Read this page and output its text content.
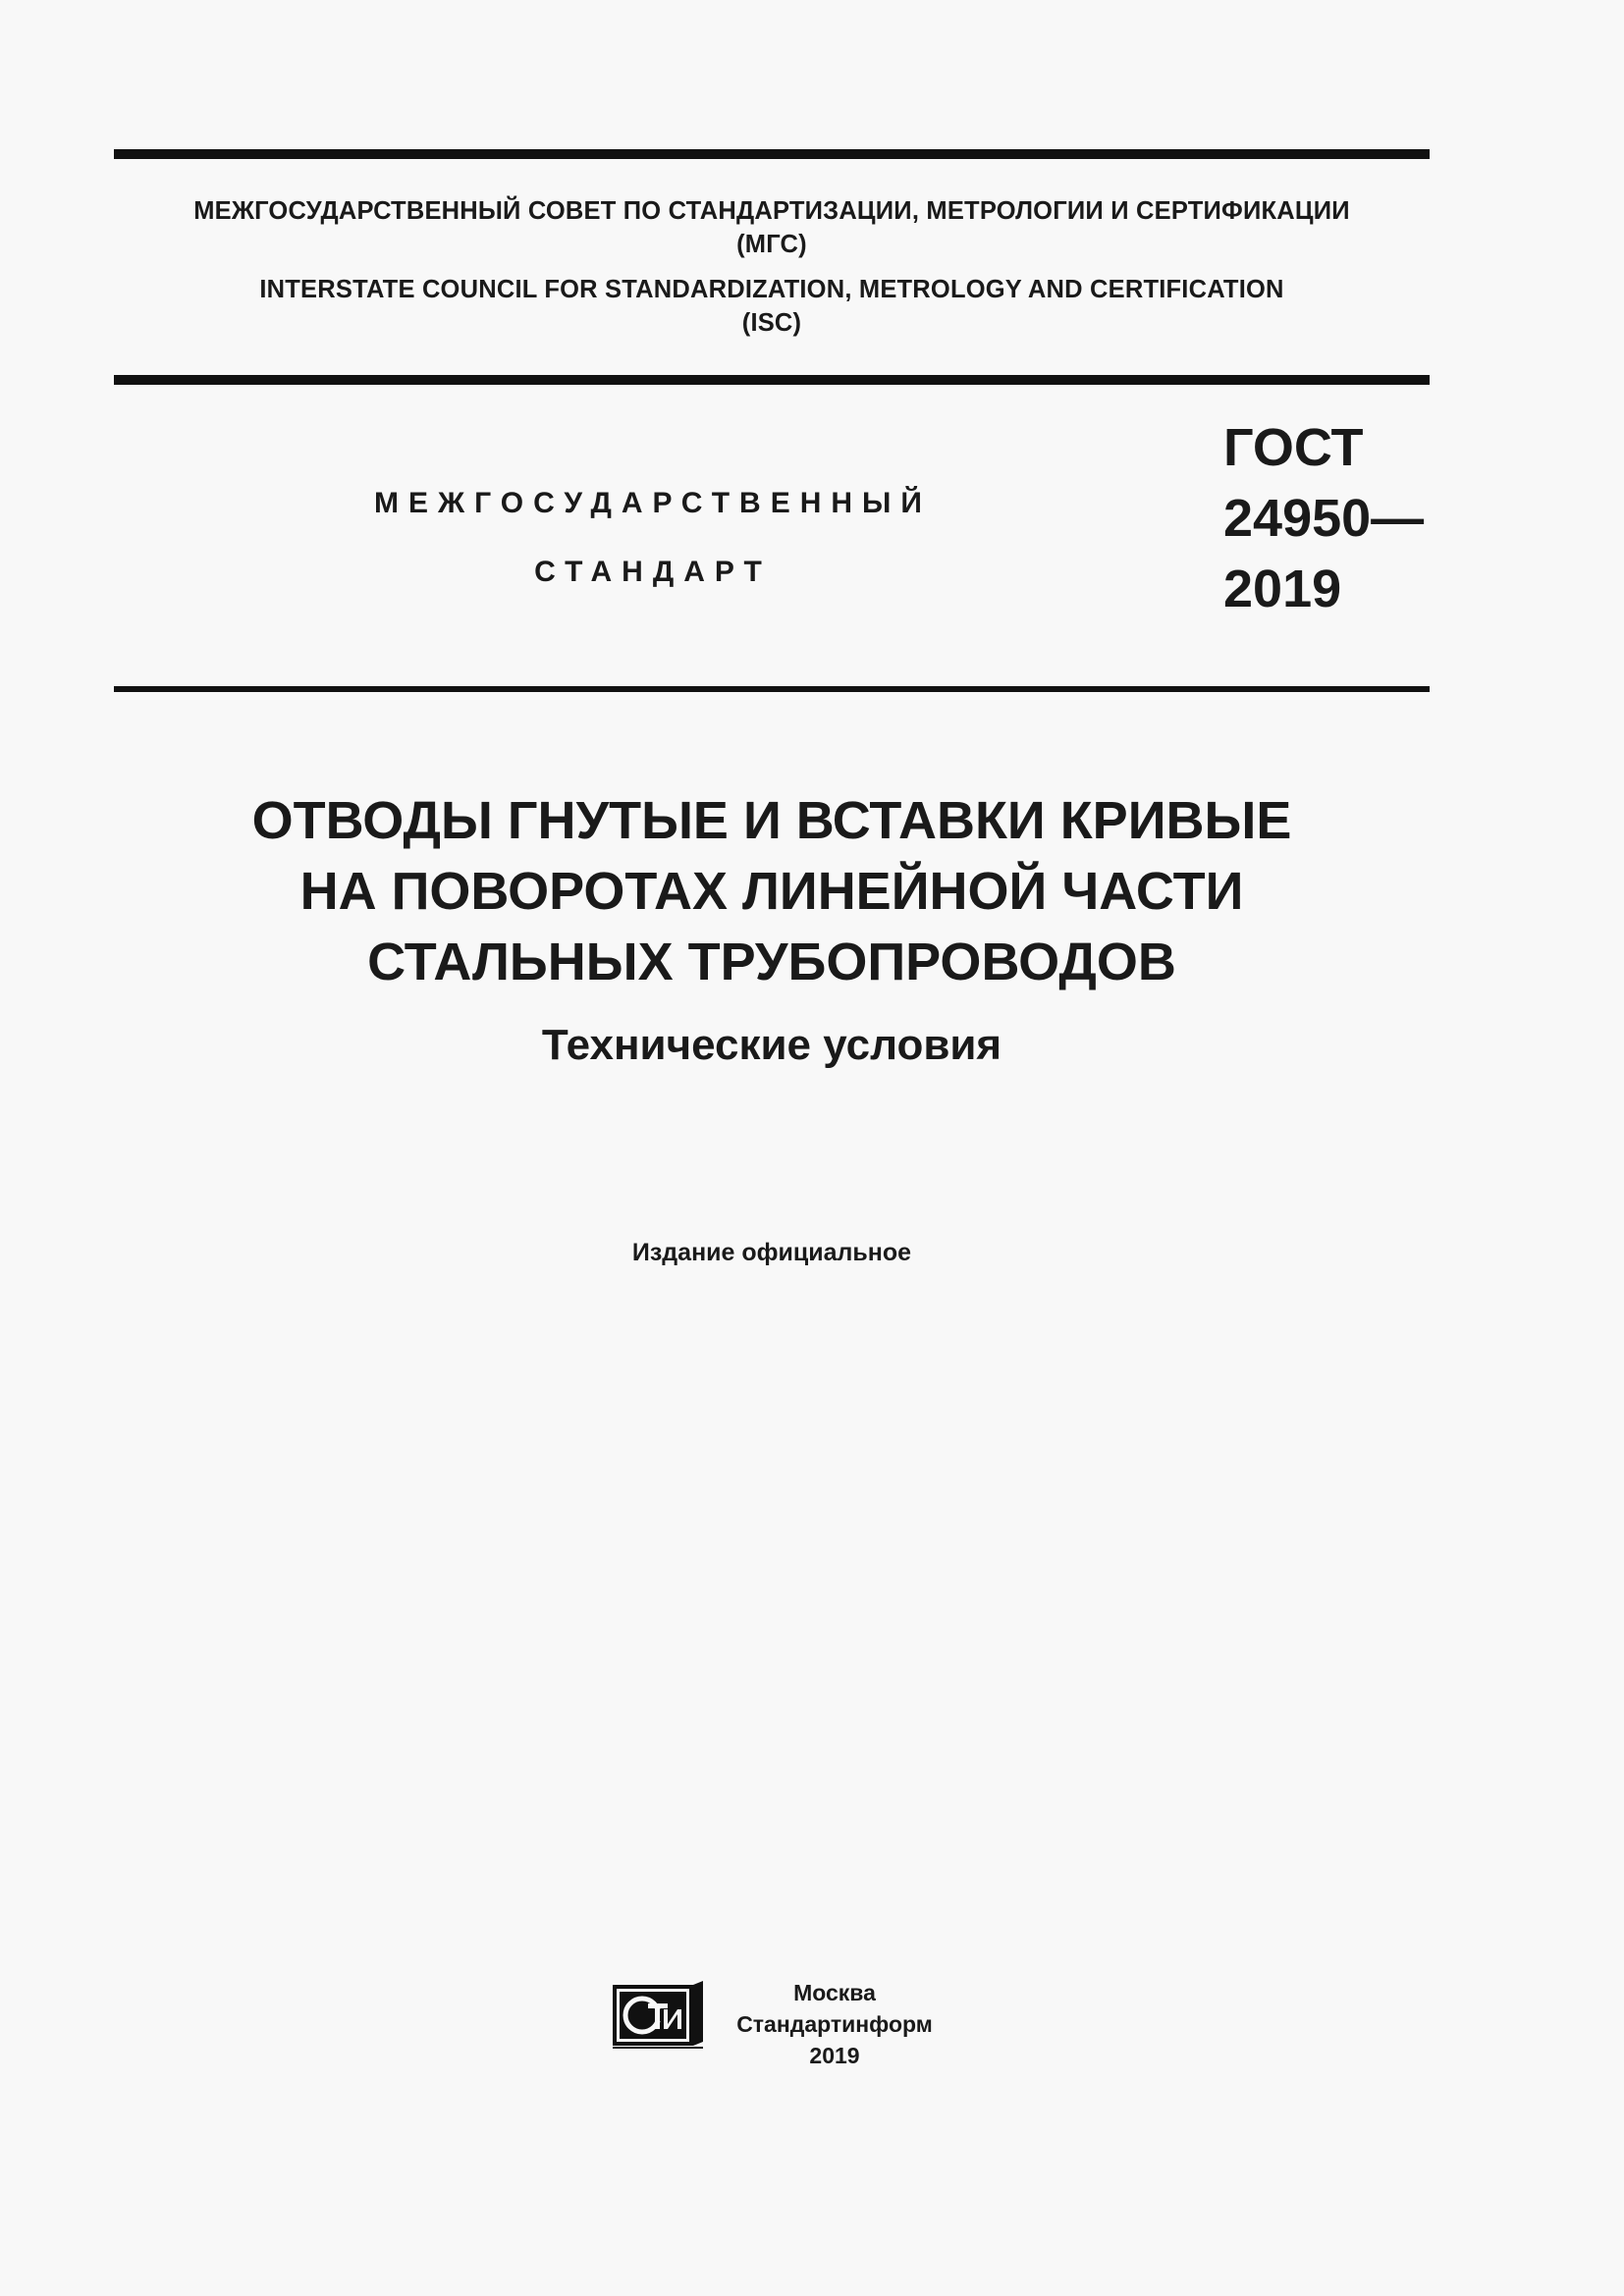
МЕЖГОСУДАРСТВЕННЫЙ СОВЕТ ПО СТАНДАРТИЗАЦИИ, МЕТРОЛОГИИ И СЕРТИФИКАЦИИ
(МГС)
INTERSTATE COUNCIL FOR STANDARDIZATION, METROLOGY AND CERTIFICATION
(ISC)
МЕЖГОСУДАРСТВЕННЫЙ
СТАНДАРТ
ГОСТ
24950—
2019
ОТВОДЫ ГНУТЫЕ И ВСТАВКИ КРИВЫЕ
НА ПОВОРОТАХ ЛИНЕЙНОЙ ЧАСТИ
СТАЛЬНЫХ ТРУБОПРОВОДОВ
Технические условия
Издание официальное
Москва
Стандартинформ
2019
